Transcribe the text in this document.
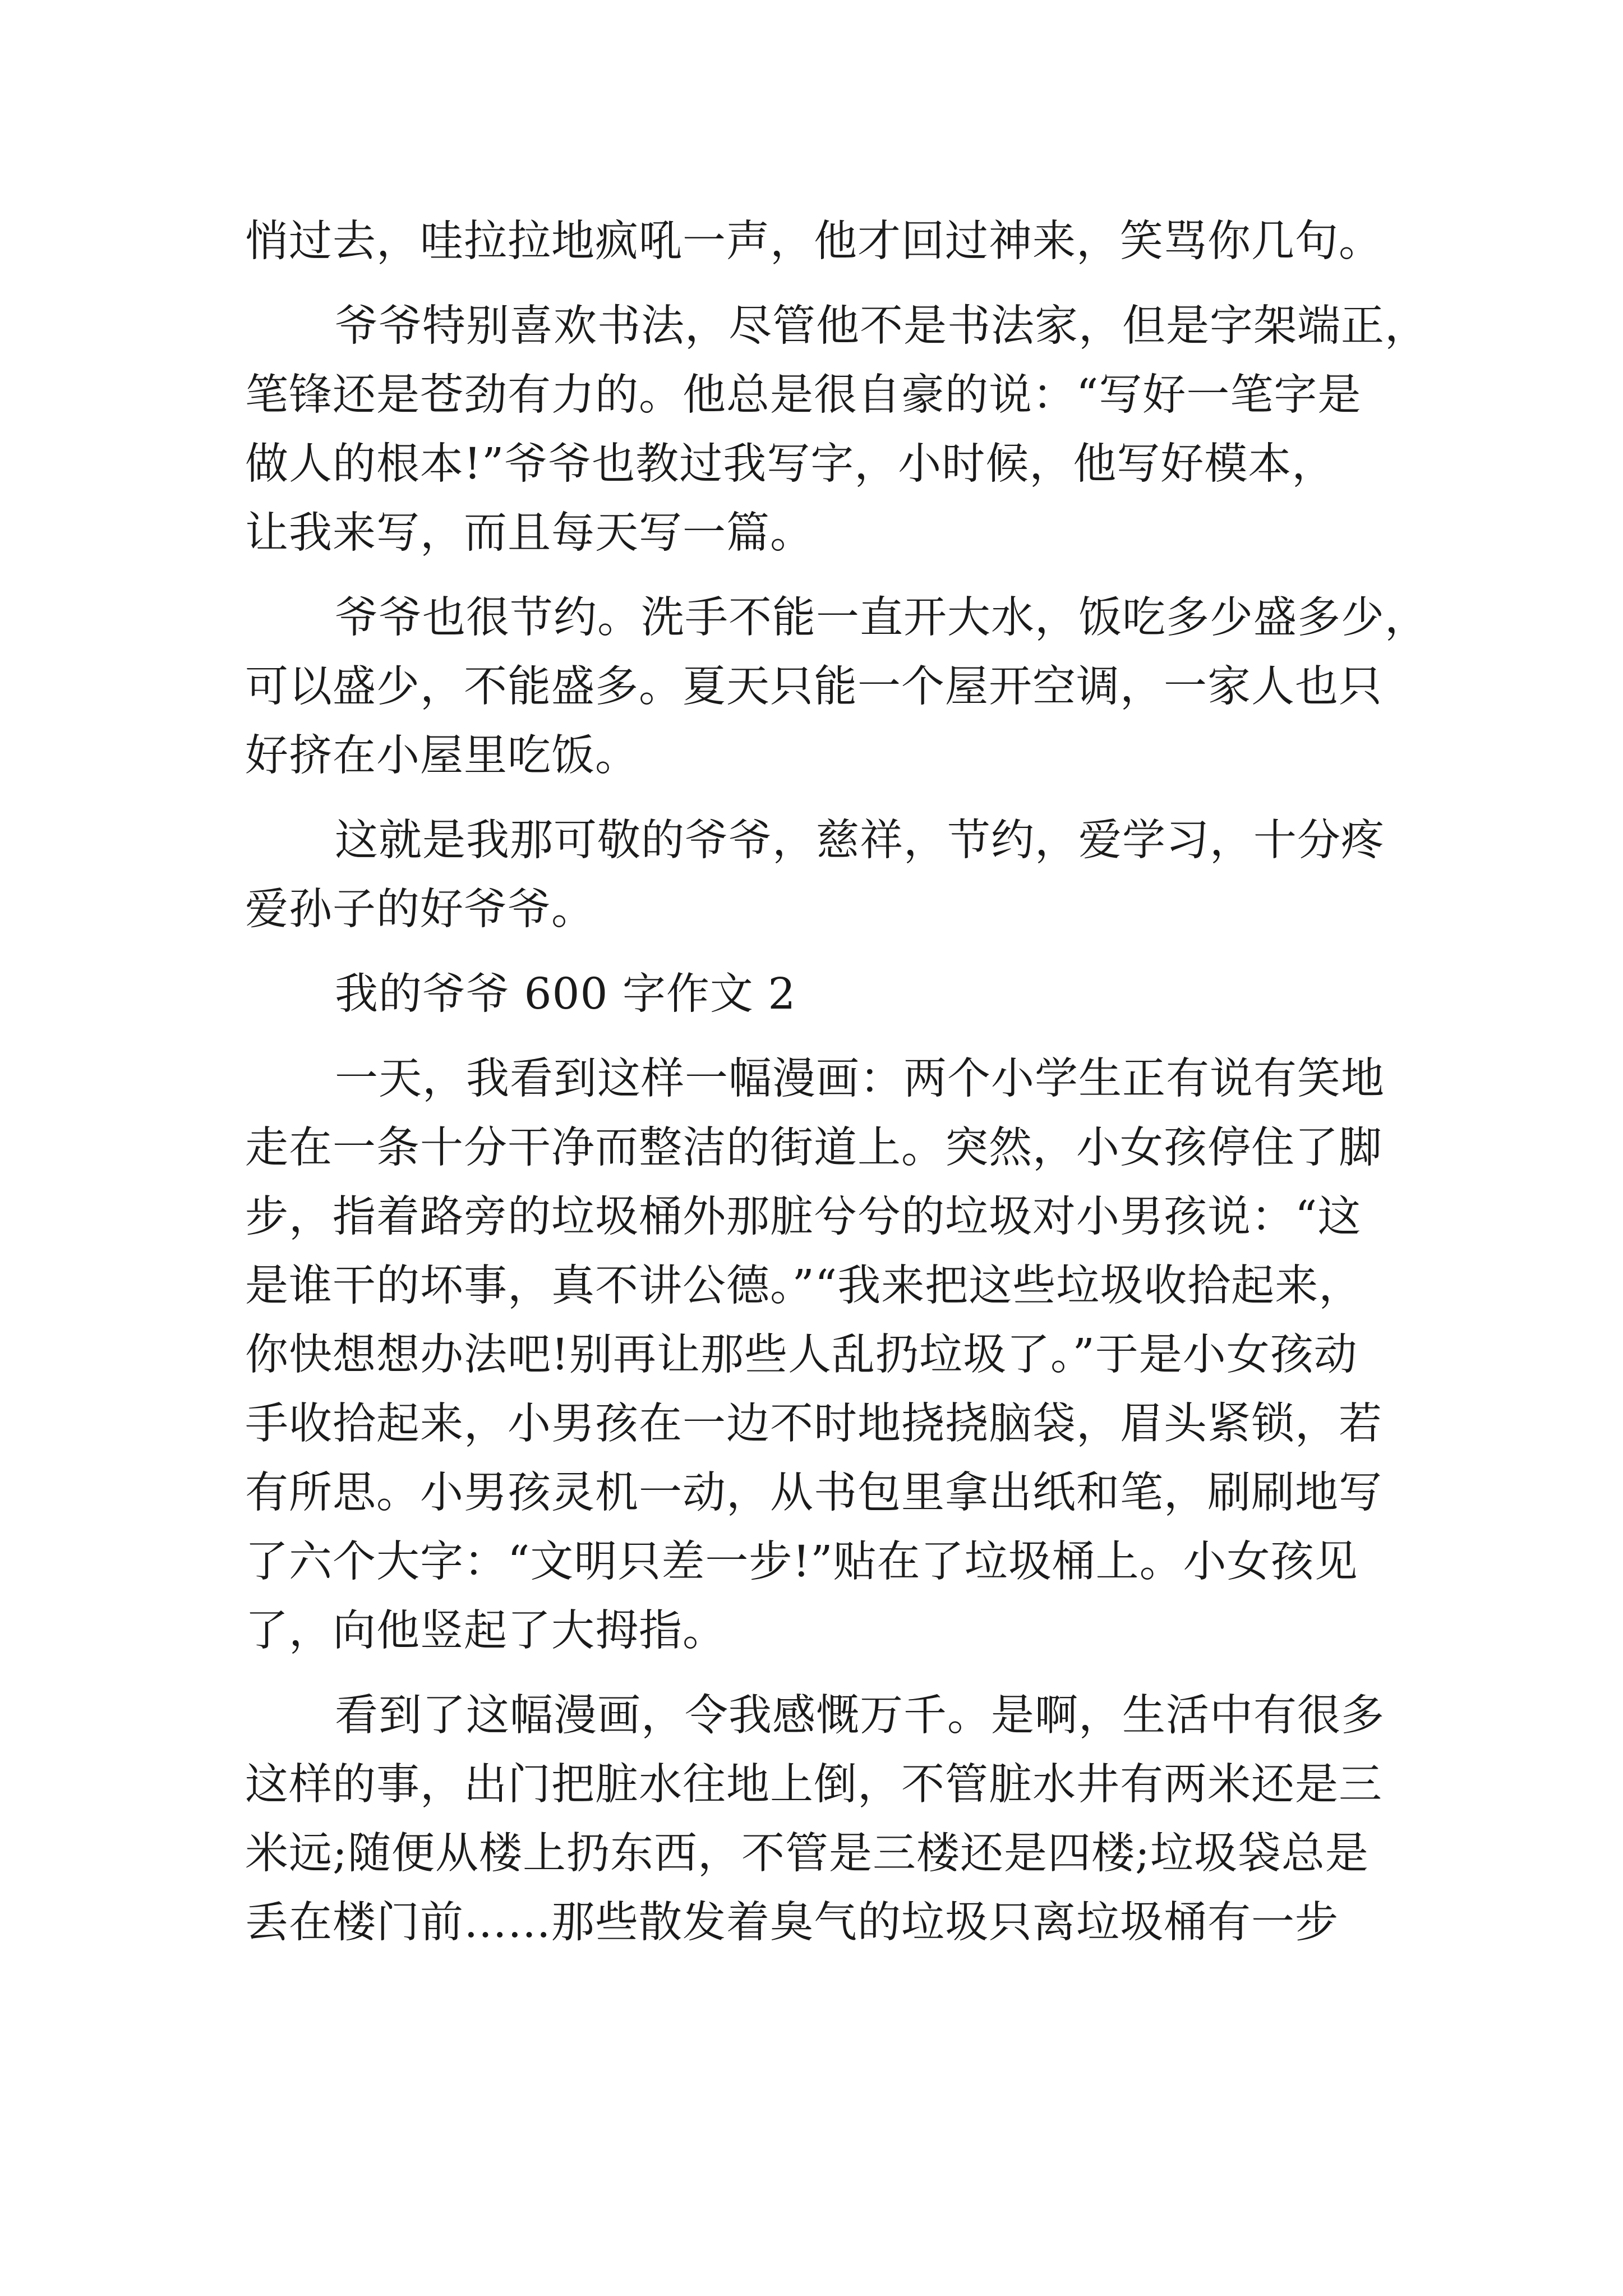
悄过去，哇拉拉地疯吼一声，他才回过神来，笑骂你几句。
爷爷特别喜欢书法，尽管他不是书法家，但是字架端正，
笔锋还是苍劲有力的。他总是很自豪的说：“写好一笔字是
做人的根本!”爷爷也教过我写字，小时候，他写好模本，
让我来写，而且每天写一篇。
爷爷也很节约。洗手不能一直开大水，饭吃多少盛多少，
可以盛少，不能盛多。夏天只能一个屋开空调，一家人也只
好挤在小屋里吃饭。
这就是我那可敬的爷爷，慈祥，节约，爱学习，十分疼
爱孙子的好爷爷。
我的爷爷 600 字作文 2
一天，我看到这样一幅漫画：两个小学生正有说有笑地
走在一条十分干净而整洁的街道上。突然，小女孩停住了脚
步，指着路旁的垃圾桶外那脏兮兮的垃圾对小男孩说：“这
是谁干的坏事，真不讲公德。”“我来把这些垃圾收拾起来，
你快想想办法吧!别再让那些人乱扔垃圾了。”于是小女孩动
手收拾起来，小男孩在一边不时地挠挠脑袋，眉头紧锁，若
有所思。小男孩灵机一动，从书包里拿出纸和笔，刷刷地写
了六个大字：“文明只差一步!”贴在了垃圾桶上。小女孩见
了，向他竖起了大拇指。
看到了这幅漫画，令我感慨万千。是啊，生活中有很多
这样的事，出门把脏水往地上倒，不管脏水井有两米还是三
米远;随便从楼上扔东西，不管是三楼还是四楼;垃圾袋总是
丢在楼门前……那些散发着臭气的垃圾只离垃圾桶有一步
